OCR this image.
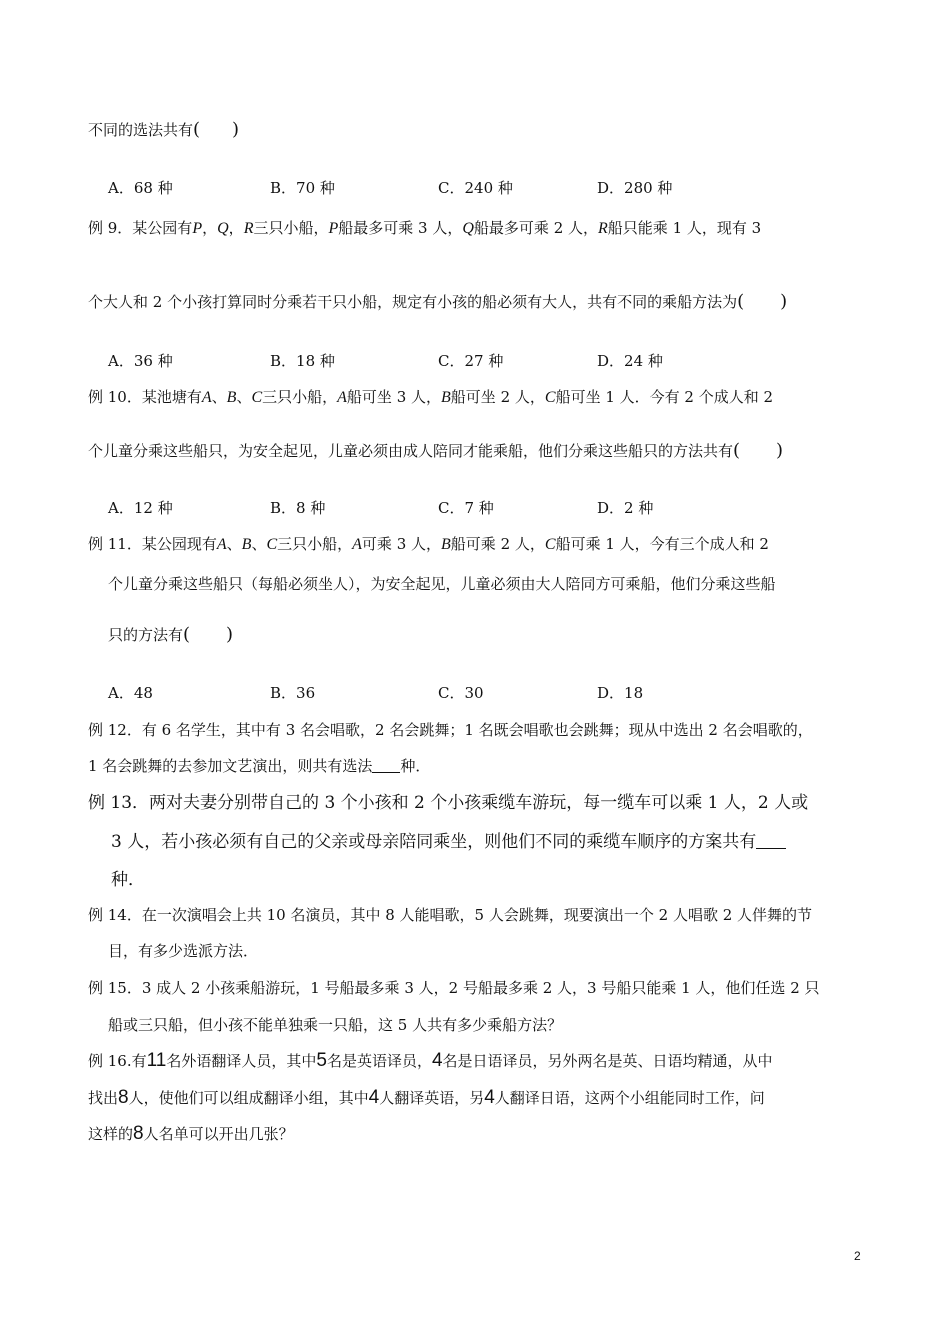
不同的选法共有( )
A．68 种	B．70 种	C．240 种	D．280 种
例 9．某公园有P，Q，R三只小船，P船最多可乘 3 人，Q船最多可乘 2 人，R船只能乘 1 人，现有 3
个大人和 2 个小孩打算同时分乘若干只小船，规定有小孩的船必须有大人，共有不同的乘船方法为( )
A．36 种	B．18 种	C．27 种	D．24 种
例 10．某池塘有A、B、C三只小船，A船可坐 3 人，B船可坐 2 人，C船可坐 1 人．今有 2 个成人和 2
个儿童分乘这些船只，为安全起见，儿童必须由成人陪同才能乘船，他们分乘这些船只的方法共有( )
A．12 种	B．8 种	C．7 种	D．2 种
例 11．某公园现有A、B、C三只小船，A可乘 3 人，B船可乘 2 人，C船可乘 1 人，今有三个成人和 2
个儿童分乘这些船只（每船必须坐人），为安全起见，儿童必须由大人陪同方可乘船，他们分乘这些船
只的方法有( )
A．48	B．36	C．30	D．18
例 12．有 6 名学生，其中有 3 名会唱歌，2 名会跳舞；1 名既会唱歌也会跳舞；现从中选出 2 名会唱歌的，
1 名会跳舞的去参加文艺演出，则共有选法 种．
例 13．两对夫妻分别带自己的 3 个小孩和 2 个小孩乘缆车游玩，每一缆车可以乘 1 人，2 人或
3 人，若小孩必须有自己的父亲或母亲陪同乘坐，则他们不同的乘缆车顺序的方案共有
种．
例 14．在一次演唱会上共 10 名演员，其中 8 人能唱歌，5 人会跳舞，现要演出一个 2 人唱歌 2 人伴舞的节
目，有多少选派方法．
例 15．3 成人 2 小孩乘船游玩，1 号船最多乘 3 人，2 号船最多乘 2 人，3 号船只能乘 1 人，他们任选 2 只
船或三只船，但小孩不能单独乘一只船，这 5 人共有多少乘船方法？
例 16.有11名外语翻译人员，其中5名是英语译员，4名是日语译员，另外两名是英、日语均精通，从中
找出8人，使他们可以组成翻译小组，其中4人翻译英语，另4人翻译日语，这两个小组能同时工作，问
这样的8人名单可以开出几张？
2
